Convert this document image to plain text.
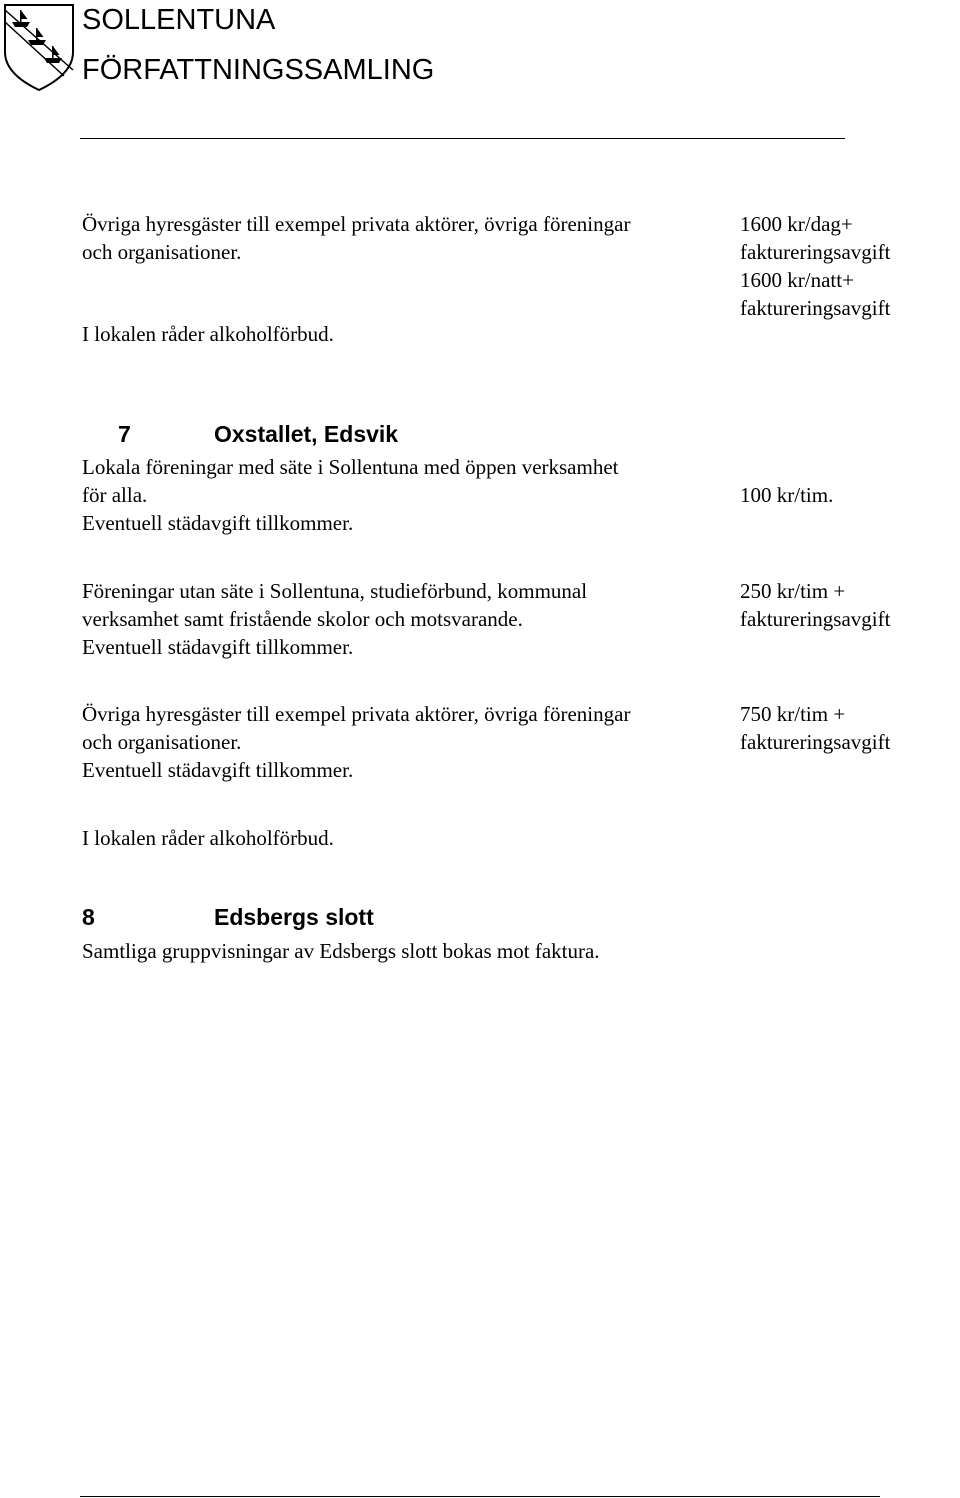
SOLLENTUNA
FÖRFATTNINGSSAMLING
Övriga hyresgäster till exempel privata aktörer, övriga föreningar
och organisationer.
1600 kr/dag+
faktureringsavgift
1600 kr/natt+
faktureringsavgift
I lokalen råder alkoholförbud.
7	Oxstallet, Edsvik
Lokala föreningar med säte i Sollentuna med öppen verksamhet
för alla.
Eventuell städavgift tillkommer.
100 kr/tim.
Föreningar utan säte i Sollentuna, studieförbund, kommunal
verksamhet samt fristående skolor och motsvarande.
Eventuell städavgift tillkommer.
250 kr/tim +
faktureringsavgift
Övriga hyresgäster till exempel privata aktörer, övriga föreningar
och organisationer.
Eventuell städavgift tillkommer.
750 kr/tim +
faktureringsavgift
I lokalen råder alkoholförbud.
8	Edsbergs slott
Samtliga gruppvisningar av Edsbergs slott bokas mot faktura.
